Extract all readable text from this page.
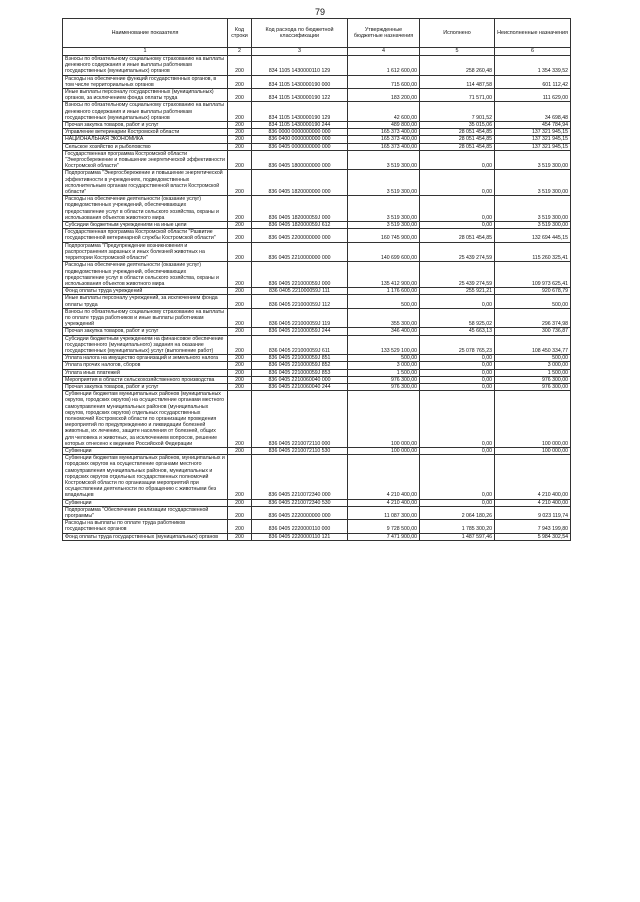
79
Наименование показателя	Код строки	Код расхода по бюджетной классификации	Утвержденные бюджетные назначения	Исполнено	Неисполненные назначения
1	2	3	4	5	6
Взносы по обязательному социальному страхованию на выплаты денежного содержания и иные выплаты работникам государственных (муниципальных) органов	200	834 1105 1430000110 129	1 612 600,00	258 260,48	1 354 339,52
Расходы на обеспечение функций государственных органов, в том числе территориальных органов	200	834 1105 1430000190 000	715 600,00	114 487,58	601 112,42
Иные выплаты персоналу государственных (муниципальных) органов, за исключением фонда оплаты труда	200	834 1105 1430000190 122	183 200,00	71 571,00	111 629,00
Взносы по обязательному социальному страхованию на выплаты денежного содержания и иные выплаты работникам государственных (муниципальных) органов	200	834 1105 1430000190 129	42 600,00	7 901,52	34 698,48
Прочая закупка товаров, работ и услуг	200	834 1105 1430000190 244	489 800,00	35 015,06	454 784,94
Управление ветеринарии Костромской области	200	836 0000 0000000000 000	165 373 400,00	28 051 454,85	137 321 945,15
НАЦИОНАЛЬНАЯ ЭКОНОМИКА	200	836 0400 0000000000 000	165 373 400,00	28 051 454,85	137 321 945,15
Сельское хозяйство и рыболовство	200	836 0405 0000000000 000	165 373 400,00	28 051 454,85	137 321 945,15
Государственная программа Костромской области "Энергосбережение и повышение энергетической эффективности Костромской области"	200	836 0405 1800000000 000	3 519 300,00	0,00	3 519 300,00
Подпрограмма "Энергосбережение и повышение энергетической эффективности в учреждениях, подведомственных исполнительным органам государственной власти Костромской области"	200	836 0405 1820000000 000	3 519 300,00	0,00	3 519 300,00
Расходы на обеспечение деятельности (оказание услуг) подведомственных учреждений, обеспечивающих предоставление услуг в области сельского хозяйства, охраны и использования объектов животного мира	200	836 0405 182000059J 000	3 519 300,00	0,00	3 519 300,00
Субсидии бюджетным учреждениям на иные цели	200	836 0405 182000059J 612	3 519 300,00	0,00	3 519 300,00
Государственная программа Костромской области "Развитие государственной ветеринарной службы Костромской области"	200	836 0405 2200000000 000	160 745 900,00	28 051 454,85	132 694 445,15
Подпрограмма "Предупреждение возникновения и распространения заразных и иных болезней животных на территории Костромской области"	200	836 0405 2210000000 000	140 699 600,00	25 439 274,59	115 260 325,41
Расходы на обеспечение деятельности (оказание услуг) подведомственных учреждений, обеспечивающих предоставление услуг в области сельского хозяйства, охраны и использования объектов животного мира	200	836 0405 221000059J 000	135 412 900,00	25 439 274,59	109 973 625,41
Фонд оплаты труда учреждений	200	836 0405 221000059J 111	1 176 600,00	255 921,21	920 678,79
Иные выплаты персоналу учреждений, за исключением фонда оплаты труда	200	836 0405 221000059J 112	500,00	0,00	500,00
Взносы по обязательному социальному страхованию на выплаты по оплате труда работников и иные выплаты работникам учреждений	200	836 0405 221000059J 119	355 300,00	58 925,02	296 374,98
Прочая закупка товаров, работ и услуг	200	836 0405 221000059J 244	346 400,00	45 663,13	300 736,87
Субсидии бюджетным учреждениям на финансовое обеспечение государственного (муниципального) задания на оказание государственных (муниципальных) услуг (выполнение работ)	200	836 0405 221000059J 611	133 529 100,00	25 078 765,23	108 450 334,77
Уплата налога на имущество организаций и земельного налога	200	836 0405 221000059J 851	500,00	0,00	500,00
Уплата прочих налогов, сборов	200	836 0405 221000059J 852	3 000,00	0,00	3 000,00
Уплата иных платежей	200	836 0405 221000059J 853	1 500,00	0,00	1 500,00
Мероприятия в области сельскохозяйственного производства	200	836 0405 2210060040 000	976 300,00	0,00	976 300,00
Прочая закупка товаров, работ и услуг	200	836 0405 2210060040 244	976 300,00	0,00	976 300,00
Субвенции бюджетам муниципальных районов (муниципальных округов, городских округов) на осуществление органами местного самоуправления муниципальных районов (муниципальных округов, городских округов) отдельных государственных полномочий Костромской области по организации проведения мероприятий по предупреждению и ликвидации болезней животных, их лечению, защите населения от болезней, общих для человека и животных, за исключением вопросов, решение которых отнесено к ведению Российской Федерации	200	836 0405 2210072110 000	100 000,00	0,00	100 000,00
Субвенции	200	836 0405 2210072110 530	100 000,00	0,00	100 000,00
Субвенции бюджетам муниципальных районов, муниципальных и городских округов на осуществление органами местного самоуправления муниципальных районов, муниципальных и городских округов отдельных государственных полномочий Костромской области по организации мероприятий при осуществлении деятельности по обращению с животными без владельцев	200	836 0405 2210072340 000	4 210 400,00	0,00	4 210 400,00
Субвенции	200	836 0405 2210072340 530	4 210 400,00	0,00	4 210 400,00
Подпрограмма "Обеспечение реализации государственной программы"	200	836 0405 2220000000 000	11 087 300,00	2 064 180,26	9 023 119,74
Расходы на выплаты по оплате труда работников государственных органов	200	836 0405 2220000110 000	9 728 500,00	1 785 300,20	7 943 199,80
Фонд оплаты труда государственных (муниципальных) органов	200	836 0405 2220000110 121	7 471 900,00	1 487 597,46	5 984 302,54
